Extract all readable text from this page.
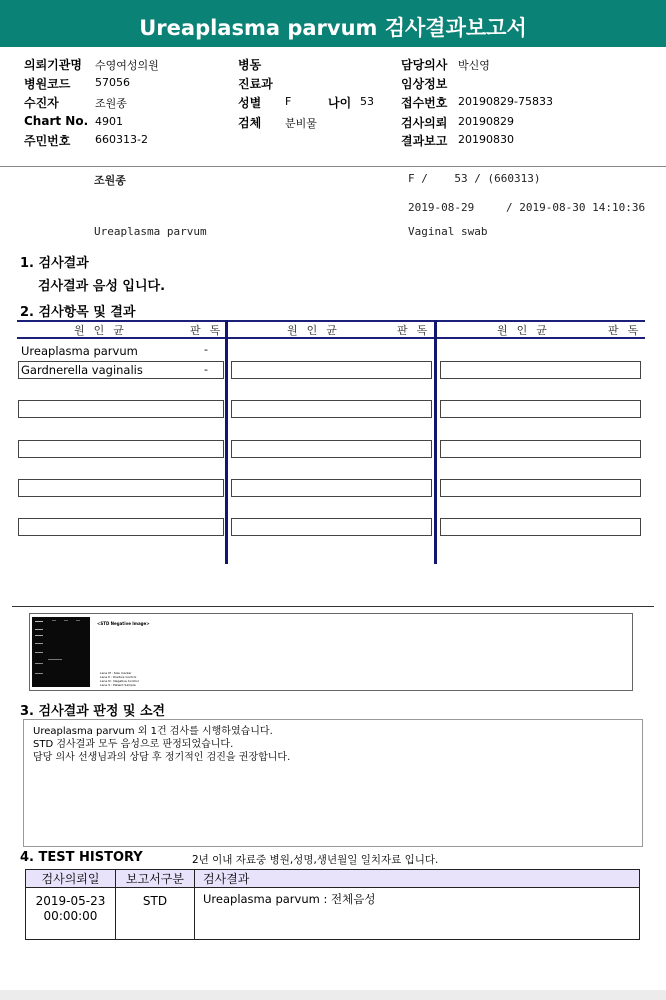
Ureaplasma parvum 검사결과보고서
의뢰기관명 수영여성의원
병원코드 57056
수진자	조원종
Chart No. 4901
주민번호 660313-2
병동
진료과
성별 F	나이 53
검체 분비물
담당의사 박신영
임상정보
접수번호 20190829-75833
검사의뢰 20190829
결과보고 20190830
조원종	F /    53 / (660313)
2019-08-29	/ 2019-08-30 14:10:36
Ureaplasma parvum	Vaginal swab
1. 검사결과
검사결과 음성 입니다.
2. 검사항목 및 결과
원인균	판독	원인균	판독	원인균	판독
Ureaplasma parvum	-
Gardnerella vaginalis	-
<STD Negative Image>
Lane M : Size marker
Lane P : Positive Control
Lane N : Negative Control
Lane S : Patient Sample
3. 검사결과 판정 및 소견
Ureaplasma parvum 외 1건 검사를 시행하였습니다.
STD 검사결과 모두 음성으로 판정되었습니다.
담당 의사 선생님과의 상담 후 정기적인 검진을 권장합니다.
4. TEST HISTORY	2년 이내 자료중 병원,성명,생년월일 일치자료 입니다.
검사의뢰일	보고서구분	검사결과

2019-05-23
00:00:00	STD	Ureaplasma parvum : 전체음성
